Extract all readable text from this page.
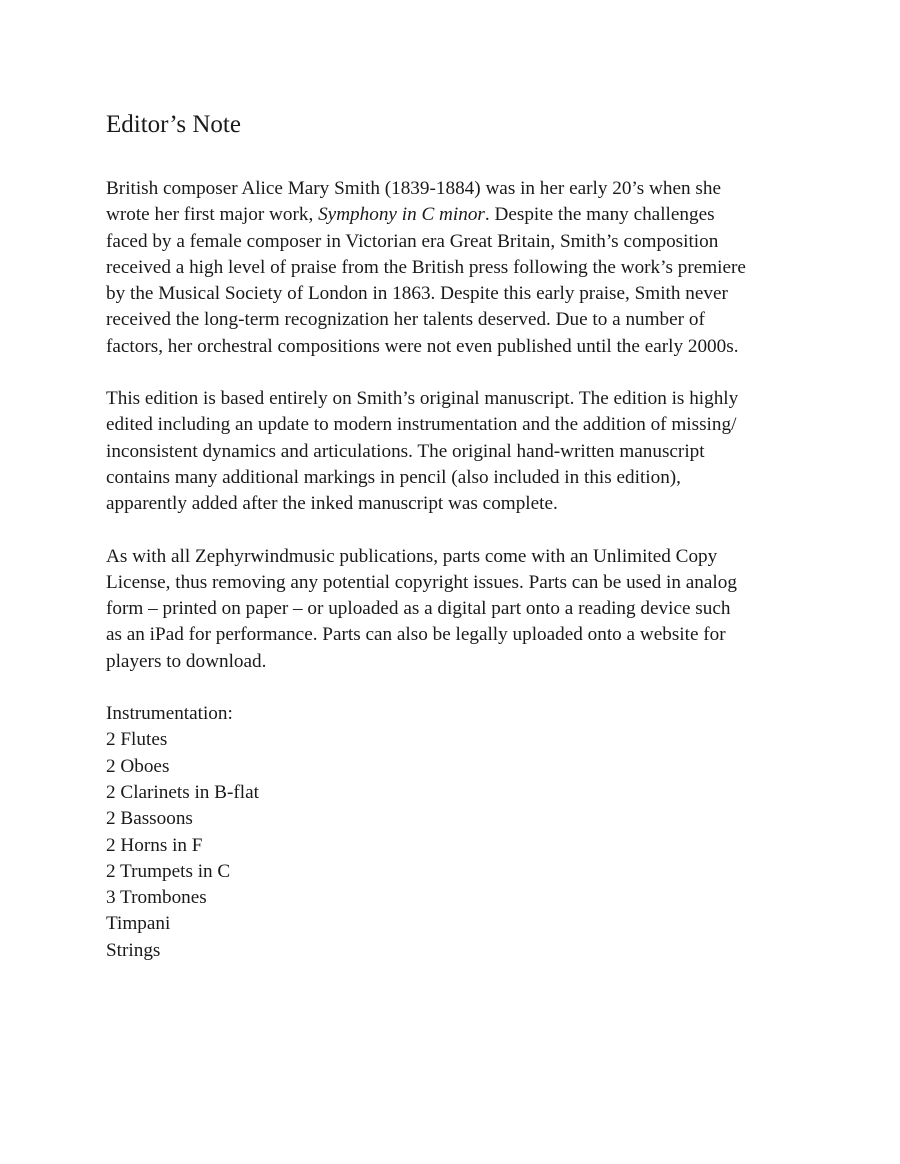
Editor’s Note

British composer Alice Mary Smith (1839-1884) was in her early 20’s when she
wrote her first major work, Symphony in C minor. Despite the many challenges
faced by a female composer in Victorian era Great Britain, Smith’s composition
received a high level of praise from the British press following the work’s premiere
by the Musical Society of London in 1863. Despite this early praise, Smith never
received the long-term recognization her talents deserved. Due to a number of
factors, her orchestral compositions were not even published until the early 2000s.

This edition is based entirely on Smith’s original manuscript. The edition is highly
edited including an update to modern instrumentation and the addition of missing/
inconsistent dynamics and articulations. The original hand-written manuscript
contains many additional markings in pencil (also included in this edition),
apparently added after the inked manuscript was complete.

As with all Zephyrwindmusic publications, parts come with an Unlimited Copy
License, thus removing any potential copyright issues. Parts can be used in analog
form – printed on paper – or uploaded as a digital part onto a reading device such
as an iPad for performance. Parts can also be legally uploaded onto a website for
players to download.

Instrumentation:
2 Flutes
2 Oboes
2 Clarinets in B-flat
2 Bassoons
2 Horns in F
2 Trumpets in C
3 Trombones
Timpani
Strings
